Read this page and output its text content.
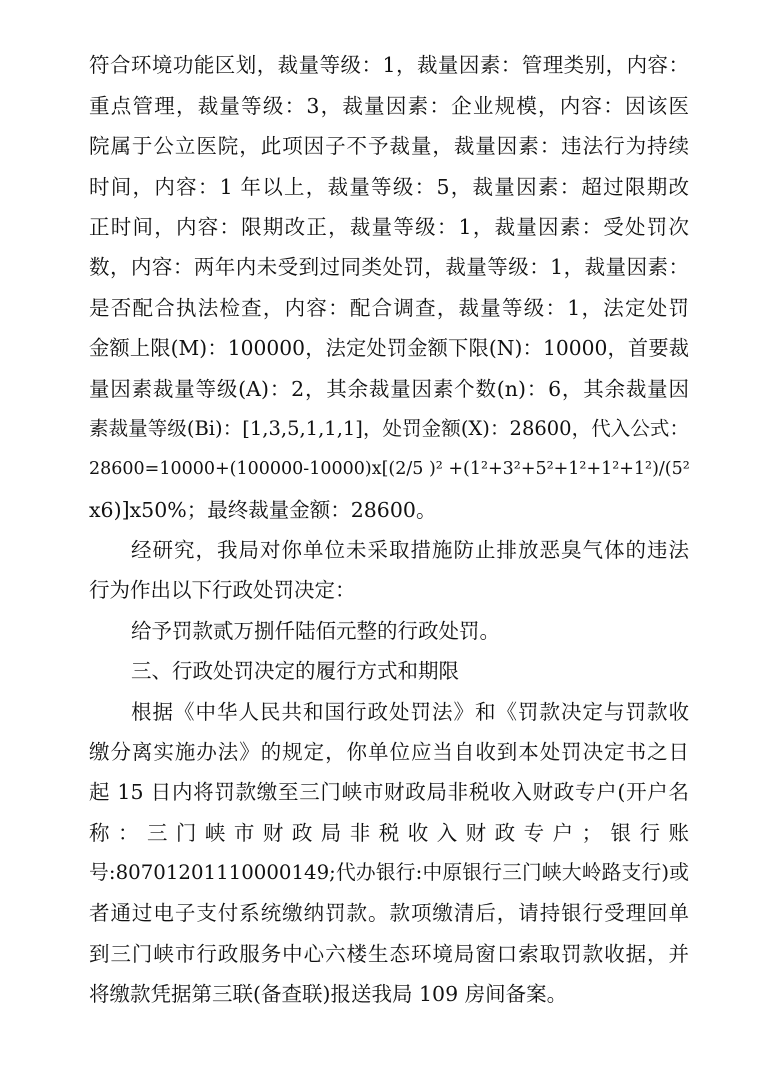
符合环境功能区划，裁量等级：1，裁量因素：管理类别，内容：
重点管理，裁量等级：3，裁量因素：企业规模，内容：因该医
院属于公立医院，此项因子不予裁量，裁量因素：违法行为持续
时间，内容：1 年以上，裁量等级：5，裁量因素：超过限期改
正时间，内容：限期改正，裁量等级：1，裁量因素：受处罚次
数，内容：两年内未受到过同类处罚，裁量等级：1，裁量因素：
是否配合执法检查，内容：配合调查，裁量等级：1，法定处罚
金额上限(M)：100000，法定处罚金额下限(N)：10000，首要裁
量因素裁量等级(A)：2，其余裁量因素个数(n)：6，其余裁量因
素裁量等级(Bi)：[1,3,5,1,1,1]，处罚金额(X)：28600，代入公式：
28600=10000+(100000-10000)x[(2/5 )² +(1²+3²+5²+1²+1²+1²)/(5²
x6)]x50%；最终裁量金额：28600。
经研究，我局对你单位未采取措施防止排放恶臭气体的违法
行为作出以下行政处罚决定：
给予罚款贰万捌仟陆佰元整的行政处罚。
三、行政处罚决定的履行方式和期限
根据《中华人民共和国行政处罚法》和《罚款决定与罚款收
缴分离实施办法》的规定，你单位应当自收到本处罚决定书之日
起 15 日内将罚款缴至三门峡市财政局非税收入财政专户(开户名
称：三门峡市财政局非税收入财政专户；银行账
号:80701201110000149;代办银行:中原银行三门峡大岭路支行)或
者通过电子支付系统缴纳罚款。款项缴清后，请持银行受理回单
到三门峡市行政服务中心六楼生态环境局窗口索取罚款收据，并
将缴款凭据第三联(备查联)报送我局 109 房间备案。
